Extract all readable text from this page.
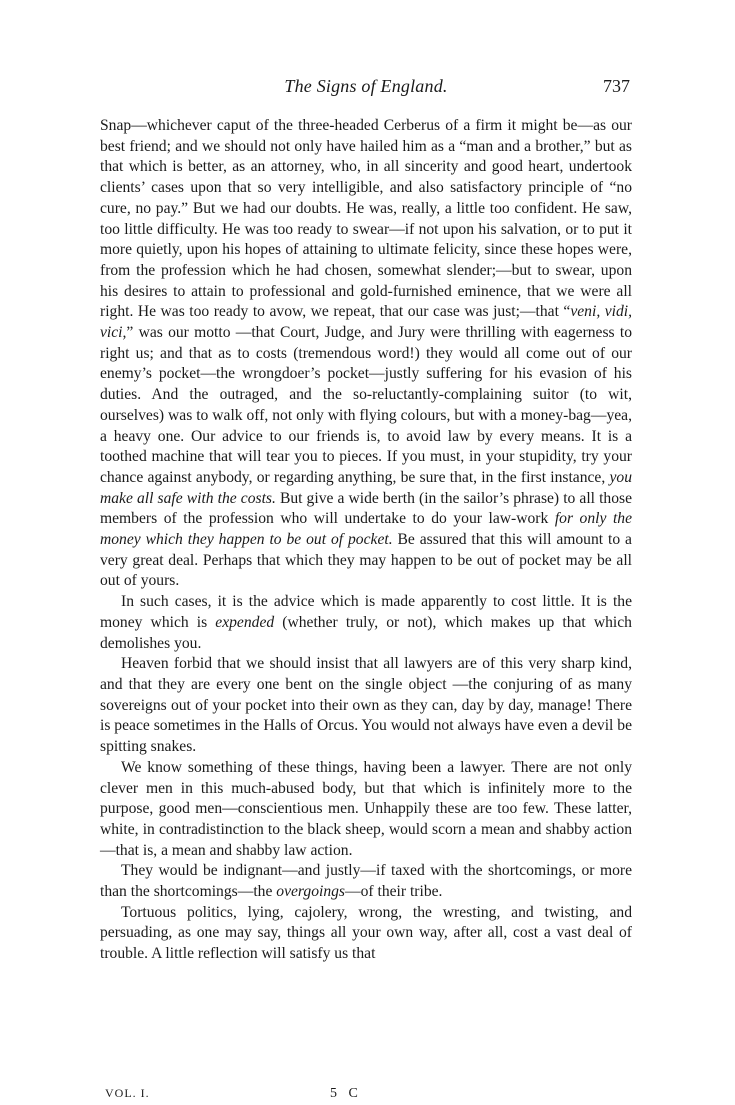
The Signs of England.	737

Snap—whichever caput of the three-headed Cerberus of a firm it might be—as our best friend; and we should not only have hailed him as a “man and a brother,” but as that which is better, as an attorney, who, in all sincerity and good heart, undertook clients’ cases upon that so very intelligible, and also satisfactory principle of “no cure, no pay.” But we had our doubts. He was, really, a little too confident. He saw, too little difficulty. He was too ready to swear—if not upon his salvation, or to put it more quietly, upon his hopes of attaining to ultimate felicity, since these hopes were, from the profession which he had chosen, somewhat slender;—but to swear, upon his desires to attain to professional and gold-furnished eminence, that we were all right. He was too ready to avow, we repeat, that our case was just;—that “veni, vidi, vici,” was our motto —that Court, Judge, and Jury were thrilling with eagerness to right us; and that as to costs (tremendous word!) they would all come out of our enemy’s pocket—the wrongdoer’s pocket—justly suffering for his evasion of his duties. And the outraged, and the so-reluctantly-complaining suitor (to wit, ourselves) was to walk off, not only with flying colours, but with a money-bag—yea, a heavy one. Our advice to our friends is, to avoid law by every means. It is a toothed machine that will tear you to pieces. If you must, in your stupidity, try your chance against anybody, or regarding anything, be sure that, in the first instance, you make all safe with the costs. But give a wide berth (in the sailor’s phrase) to all those members of the profession who will undertake to do your law-work for only the money which they happen to be out of pocket. Be assured that this will amount to a very great deal. Perhaps that which they may happen to be out of pocket may be all out of yours.

In such cases, it is the advice which is made apparently to cost little. It is the money which is expended (whether truly, or not), which makes up that which demolishes you.

Heaven forbid that we should insist that all lawyers are of this very sharp kind, and that they are every one bent on the single object —the conjuring of as many sovereigns out of your pocket into their own as they can, day by day, manage! There is peace sometimes in the Halls of Orcus. You would not always have even a devil be spitting snakes.

We know something of these things, having been a lawyer. There are not only clever men in this much-abused body, but that which is infinitely more to the purpose, good men—conscientious men. Unhappily these are too few. These latter, white, in contradistinction to the black sheep, would scorn a mean and shabby action—that is, a mean and shabby law action.

They would be indignant—and justly—if taxed with the shortcomings, or more than the shortcomings—the overgoings—of their tribe.

Tortuous politics, lying, cajolery, wrong, the wresting, and twisting, and persuading, as one may say, things all your own way, after all, cost a vast deal of trouble. A little reflection will satisfy us that

VOL. I.	5 C
